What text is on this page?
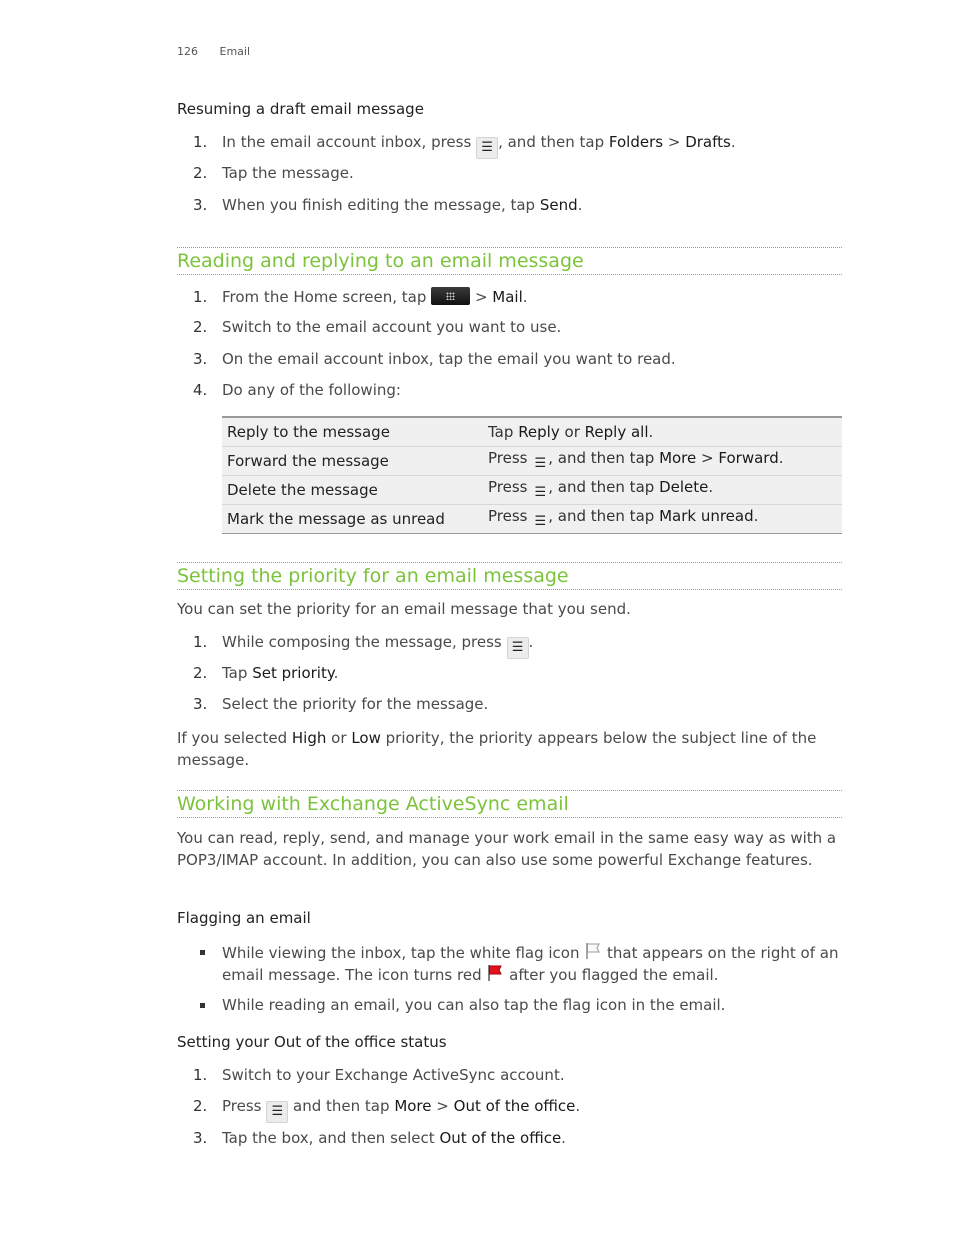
126 Email
Resuming a draft email message
1. In the email account inbox, press ☰ , and then tap Folders > Drafts.
2. Tap the message.
3. When you finish editing the message, tap Send.
Reading and replying to an email message
1. From the Home screen, tap	> Mail.
2. Switch to the email account you want to use.
3. On the email account inbox, tap the email you want to read.
4. Do any of the following:
Reply to the message	Tap Reply or Reply all.
Forward the message	Press ☰ , and then tap More > Forward.
Delete the message	Press ☰ , and then tap Delete.
Mark the message as unread	Press ☰ , and then tap Mark unread.
Setting the priority for an email message
You can set the priority for an email message that you send.
1. While composing the message, press ☰ .
2. Tap Set priority.
3. Select the priority for the message.
If you selected High or Low priority, the priority appears below the subject line of the message.
Working with Exchange ActiveSync email
You can read, reply, send, and manage your work email in the same easy way as with a POP3/IMAP account. In addition, you can also use some powerful Exchange features.
Flagging an email
While viewing the inbox, tap the white flag icon that appears on the right of an email message. The icon turns red after you flagged the email.
While reading an email, you can also tap the flag icon in the email.
Setting your Out of the office status
1. Switch to your Exchange ActiveSync account.
2. Press ☰ and then tap More > Out of the office.
3. Tap the box, and then select Out of the office.
